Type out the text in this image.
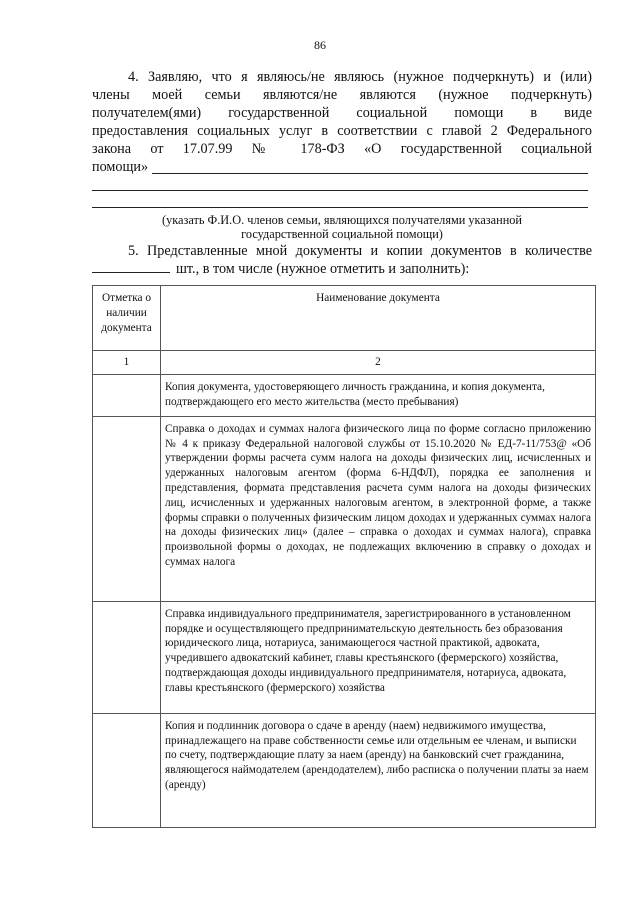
86
4. Заявляю, что я являюсь/не являюсь (нужное подчеркнуть) и (или)
члены моей семьи являются/не являются (нужное подчеркнуть)
получателем(ями) государственной социальной помощи в виде
предоставления социальных услуг в соответствии с главой 2 Федерального
закона от 17.07.99 № 178-ФЗ «О государственной социальной
помощи»
(указать Ф.И.О. членов семьи, являющихся получателями указанной
государственной социальной помощи)
5. Представленные мной документы и копии документов в количестве
шт., в том числе (нужное отметить и заполнить):
Отметка о наличии документа	Наименование документа
1	2
	Копия документа, удостоверяющего личность гражданина, и копия документа, подтверждающего его место жительства (место пребывания)
	Справка о доходах и суммах налога физического лица по форме согласно приложению № 4 к приказу Федеральной налоговой службы от 15.10.2020 № ЕД-7-11/753@ «Об утверждении формы расчета сумм налога на доходы физических лиц, исчисленных и удержанных налоговым агентом (форма 6-НДФЛ), порядка ее заполнения и представления, формата представления расчета сумм налога на доходы физических лиц, исчисленных и удержанных налоговым агентом, в электронной форме, а также формы справки о полученных физическим лицом доходах и удержанных суммах налога на доходы физических лиц» (далее – справка о доходах и суммах налога), справка произвольной формы о доходах, не подлежащих включению в справку о доходах и суммах налога
	Справка индивидуального предпринимателя, зарегистрированного в установленном порядке и осуществляющего предпринимательскую деятельность без образования юридического лица, нотариуса, занимающегося частной практикой, адвоката, учредившего адвокатский кабинет, главы крестьянского (фермерского) хозяйства, подтверждающая доходы индивидуального предпринимателя, нотариуса, адвоката, главы крестьянского (фермерского) хозяйства
	Копия и подлинник договора о сдаче в аренду (наем) недвижимого имущества, принадлежащего на праве собственности семье или отдельным ее членам, и выписки по счету, подтверждающие плату за наем (аренду) на банковский счет гражданина, являющегося наймодателем (арендодателем), либо расписка о получении платы за наем (аренду)
